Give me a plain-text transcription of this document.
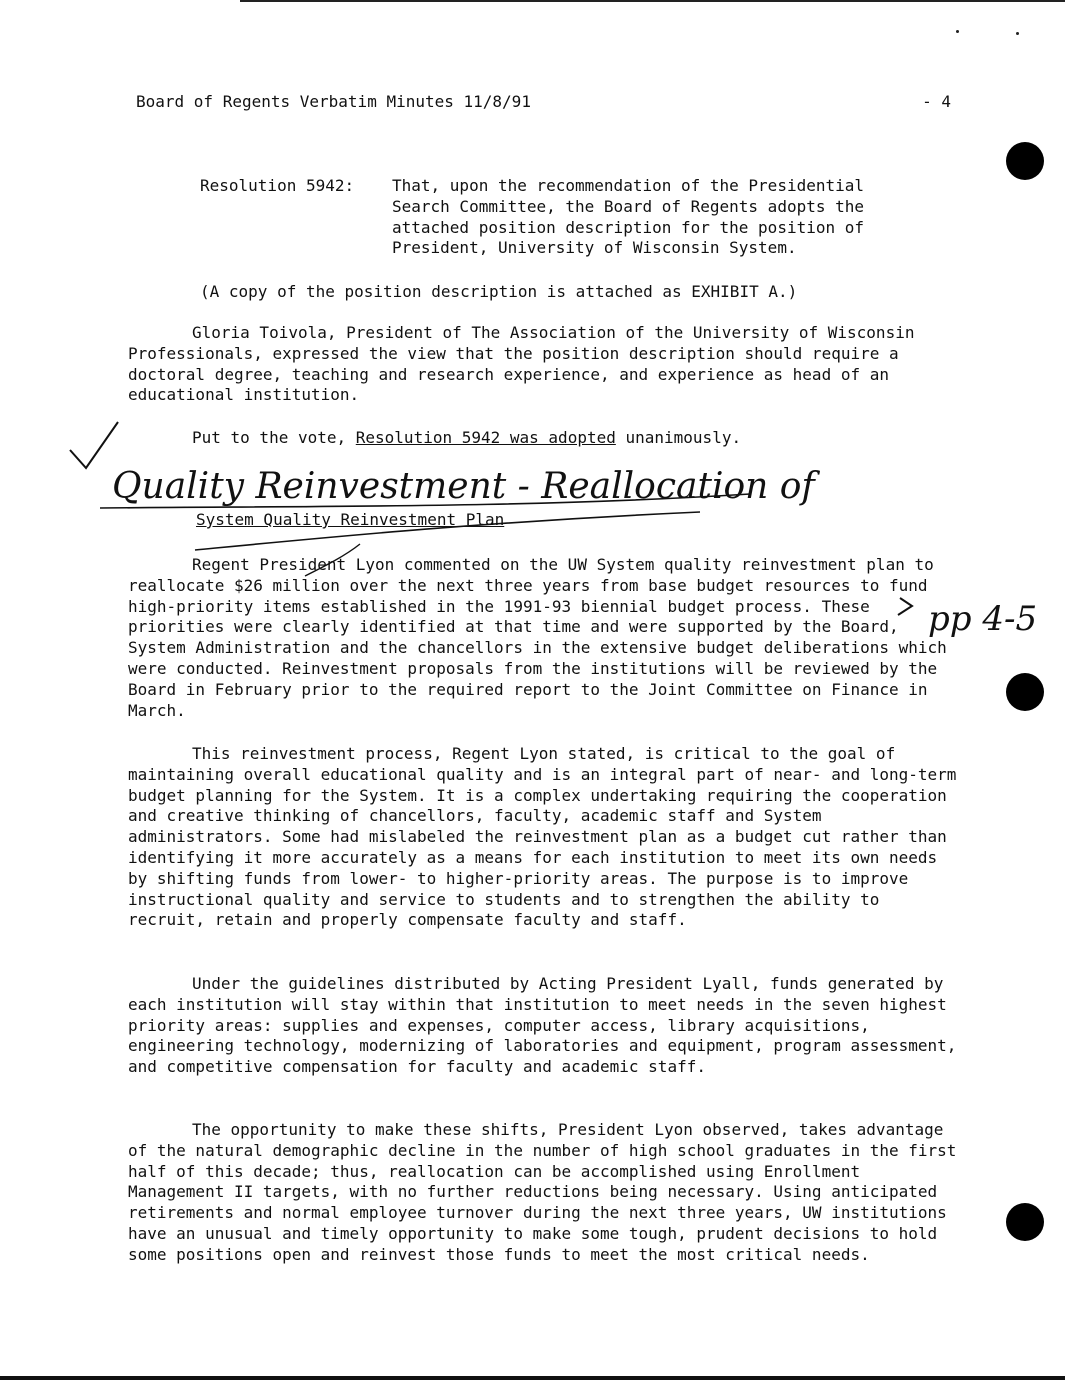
Board of Regents Verbatim Minutes 11/8/91	- 4

Resolution 5942: That, upon the recommendation of the Presidential Search Committee, the Board of Regents adopts the attached position description for the position of President, University of Wisconsin System.

(A copy of the position description is attached as EXHIBIT A.)

Gloria Toivola, President of The Association of the University of Wisconsin Professionals, expressed the view that the position description should require a doctoral degree, teaching and research experience, and experience as head of an educational institution.

Put to the vote, Resolution 5942 was adopted unanimously.

Quality Reinvestment - Reallocation of
pp 4-5

System Quality Reinvestment Plan

Regent President Lyon commented on the UW System quality reinvestment plan to reallocate $26 million over the next three years from base budget resources to fund high-priority items established in the 1991-93 biennial budget process. These priorities were clearly identified at that time and were supported by the Board, System Administration and the chancellors in the extensive budget deliberations which were conducted. Reinvestment proposals from the institutions will be reviewed by the Board in February prior to the required report to the Joint Committee on Finance in March.

This reinvestment process, Regent Lyon stated, is critical to the goal of maintaining overall educational quality and is an integral part of near- and long-term budget planning for the System. It is a complex undertaking requiring the cooperation and creative thinking of chancellors, faculty, academic staff and System administrators. Some had mislabeled the reinvestment plan as a budget cut rather than identifying it more accurately as a means for each institution to meet its own needs by shifting funds from lower- to higher-priority areas. The purpose is to improve instructional quality and service to students and to strengthen the ability to recruit, retain and properly compensate faculty and staff.

Under the guidelines distributed by Acting President Lyall, funds generated by each institution will stay within that institution to meet needs in the seven highest priority areas: supplies and expenses, computer access, library acquisitions, engineering technology, modernizing of laboratories and equipment, program assessment, and competitive compensation for faculty and academic staff.

The opportunity to make these shifts, President Lyon observed, takes advantage of the natural demographic decline in the number of high school graduates in the first half of this decade; thus, reallocation can be accomplished using Enrollment Management II targets, with no further reductions being necessary. Using anticipated retirements and normal employee turnover during the next three years, UW institutions have an unusual and timely opportunity to make some tough, prudent decisions to hold some positions open and reinvest those funds to meet the most critical needs.
